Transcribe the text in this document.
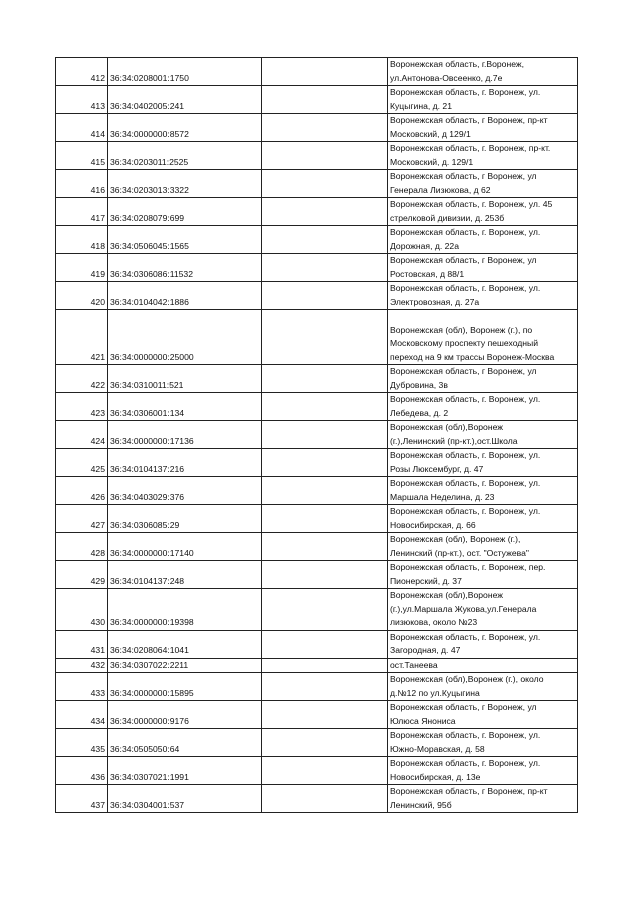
412	36:34:0208001:1750		Воронежская область, г.Воронеж,
ул.Антонова-Овсеенко, д.7е

413	36:34:0402005:241		Воронежская область, г. Воронеж, ул.
Куцыгина, д. 21

414	36:34:0000000:8572		Воронежская область, г Воронеж, пр-кт
Московский, д 129/1

415	36:34:0203011:2525		Воронежская область, г. Воронеж, пр-кт.
Московский, д. 129/1

416	36:34:0203013:3322		Воронежская область, г Воронеж, ул
Генерала Лизюкова, д 62

417	36:34:0208079:699		Воронежская область, г. Воронеж, ул. 45
стрелковой дивизии, д. 253б

418	36:34:0506045:1565		Воронежская область, г. Воронеж, ул.
Дорожная, д. 22а

419	36:34:0306086:11532		Воронежская область, г Воронеж, ул
Ростовская, д 88/1

420	36:34:0104042:1886		Воронежская область, г. Воронеж, ул.
Электровозная, д. 27а

421	36:34:0000000:25000		Воронежская (обл), Воронеж (г.), по
Московскому проспекту пешеходный
переход на 9 км трассы Воронеж-Москва

422	36:34:0310011:521		Воронежская область, г Воронеж, ул
Дубровина, 3в

423	36:34:0306001:134		Воронежская область, г. Воронеж, ул.
Лебедева, д. 2

424	36:34:0000000:17136		Воронежская (обл),Воронеж
(г.),Ленинский (пр-кт.),ост.Школа

425	36:34:0104137:216		Воронежская область, г. Воронеж, ул.
Розы Люксембург, д. 47

426	36:34:0403029:376		Воронежская область, г. Воронеж, ул.
Маршала Неделина, д. 23

427	36:34:0306085:29		Воронежская область, г. Воронеж, ул.
Новосибирская, д. 66

428	36:34:0000000:17140		Воронежская (обл), Воронеж (г.),
Ленинский (пр-кт.), ост. "Остужева"

429	36:34:0104137:248		Воронежская область, г. Воронеж, пер.
Пионерский, д. 37

430	36:34:0000000:19398		Воронежская (обл),Воронеж
(г.),ул.Маршала Жукова,ул.Генерала
лизюкова, около №23

431	36:34:0208064:1041		Воронежская область, г. Воронеж, ул.
Загородная, д. 47

432	36:34:0307022:2211		ост.Танеева

433	36:34:0000000:15895		Воронежская (обл),Воронеж (г.), около
д.№12 по ул.Куцыгина

434	36:34:0000000:9176		Воронежская область, г Воронеж, ул
Юлюса Янониса

435	36:34:0505050:64		Воронежская область, г. Воронеж, ул.
Южно-Моравская, д. 58

436	36:34:0307021:1991		Воронежская область, г. Воронеж, ул.
Новосибирская, д. 13е

437	36:34:0304001:537		Воронежская область, г Воронеж, пр-кт
Ленинский, 95б
